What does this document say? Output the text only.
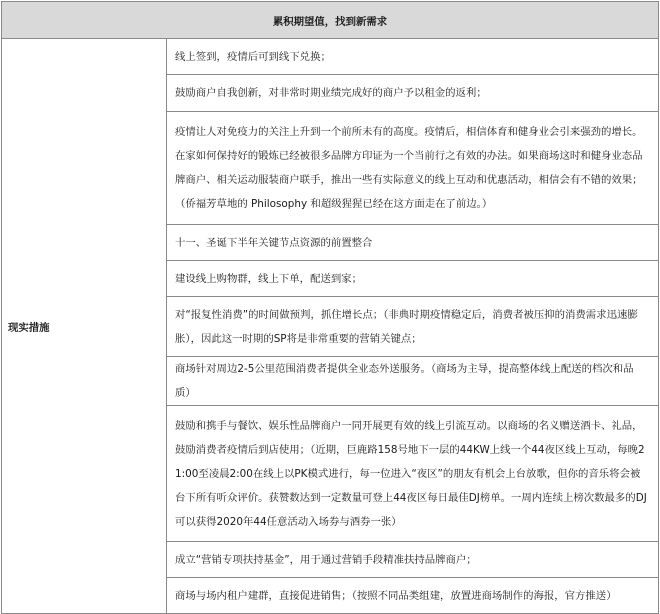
累积期望值，找到新需求
现实措施	线上签到，疫情后可到线下兑换；
鼓励商户自我创新，对非常时期业绩完成好的商户予以租金的返利；
疫情让人对免疫力的关注上升到一个前所未有的高度。疫情后，相信体育和健身业会引来强劲的增长。在家如何保持好的锻炼已经被很多品牌方印证为一个当前行之有效的办法。如果商场这时和健身业态品牌商户、相关运动服装商户联手，推出一些有实际意义的线上互动和优惠活动，相信会有不错的效果；（侨福芳草地的 Philosophy 和超级猩猩已经在这方面走在了前边。）
十一、圣诞下半年关键节点资源的前置整合
建设线上购物群，线上下单，配送到家；
对“报复性消费”的时间做预判，抓住增长点；（非典时期疫情稳定后，消费者被压抑的消费需求迅速膨胀），因此这一时期的SP将是非常重要的营销关键点；
商场针对周边2-5公里范围消费者提供全业态外送服务。（商场为主导，提高整体线上配送的档次和品质）
鼓励和携手与餐饮、娱乐性品牌商户一同开展更有效的线上引流互动。以商场的名义赠送酒卡、礼品，鼓励消费者疫情后到店使用；（近期，巨鹿路158号地下一层的44KW上线一个44夜区线上互动，每晚21:00至凌晨2:00在线上以PK模式进行，每一位进入“夜区”的朋友有机会上台放歌，但你的音乐将会被台下所有听众评价。获赞数达到一定数量可登上44夜区每日最佳DJ榜单。一周内连续上榜次数最多的DJ可以获得2020年44任意活动入场券与酒券一张）
成立“营销专项扶持基金”，用于通过营销手段精准扶持品牌商户；
商场与场内租户建群，直接促进销售；（按照不同品类组建，放置进商场制作的海报，官方推送）
